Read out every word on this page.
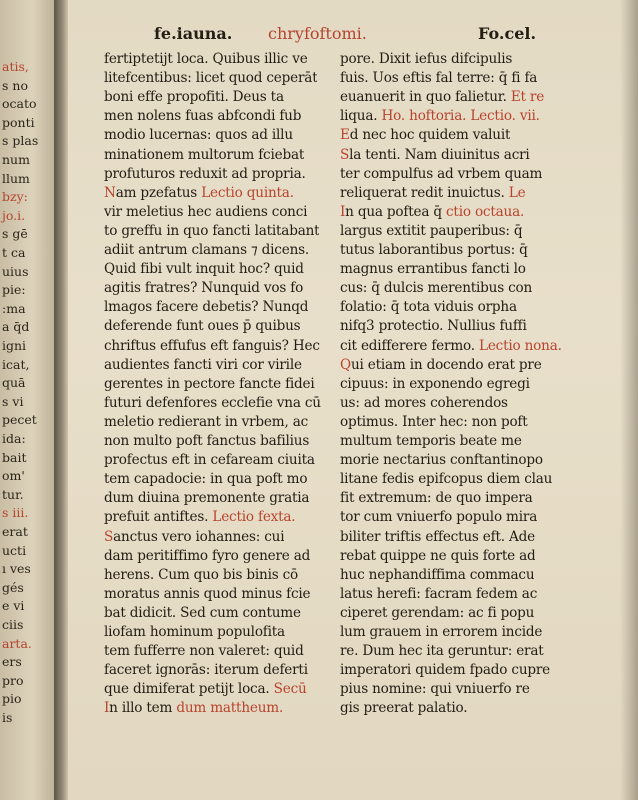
atis,
s no
ocato
ponti
s plas
num
llum
bzy:
jo.i.
s gē
t ca
uius
pie:
:ma
a q̄d
igni
icat,
quā
s vi
pecet
ida:
bait
om'
tur.
s iii.
erat
ucti
ı ves
gés
e vi
ciis
arta.
ers
pro
pio
is
fe.iauna. chryfoftomi.	Fo.cel.
fertiptetijt loca. Quibus illic ve
litefcentibus: licet quod ceperāt
boni effe propofiti. Deus ta
men nolens fuas abfcondi fub
modio lucernas: quos ad illu
minationem multorum fciebat
profuturos reduxit ad propria.
Nam pzefatus Lectio quinta.
vir meletius hec audiens conci
to greffu in quo fancti latitabant
adiit antrum clamans ⁊ dicens.
Quid fibi vult inquit hoc? quid
agitis fratres? Nunquid vos fo
lmagos facere debetis? Nunqd
deferende funt oues p̄ quibus
chriftus effufus eft fanguis? Hec
audientes fancti viri cor virile
gerentes in pectore fancte fidei
futuri defenfores ecclefie vna cū
meletio redierant in vrbem, ac
non multo poft fanctus bafilius
profectus eft in cefaream ciuita
tem capadocie: in qua poft mo
dum diuina premonente gratia
prefuit antiftes. Lectio fexta.
Sanctus vero iohannes: cui
dam peritiffimo fyro genere ad
herens. Cum quo bis binis cō
moratus annis quod minus fcie
bat didicit. Sed cum contume
liofam hominum populofita
tem fufferre non valeret: quid
faceret ignorās: iterum deferti
que dimiferat petijt loca. Secū
In illo tem dum mattheum.
pore. Dixit iefus difcipulis
fuis. Uos eftis fal terre: q̄ fi fa
euanuerit in quo falietur. Et re
liqua. Ho. hoftoria. Lectio. vii.
Ed nec hoc quidem valuit
Sla tenti. Nam diuinitus acri
ter compulfus ad vrbem quam
reliquerat redit inuictus. Le
In qua poftea q̄ ctio octaua.
largus extitit pauperibus: q̄
tutus laborantibus portus: q̄
magnus errantibus fancti lo
cus: q̄ dulcis merentibus con
folatio: q̄ tota viduis orpha
nifq3 protectio. Nullius fuffi
cit edifferere fermo. Lectio nona.
Qui etiam in docendo erat pre
cipuus: in exponendo egregi
us: ad mores coherendos
optimus. Inter hec: non poft
multum temporis beate me
morie nectarius conftantinopo
litane fedis epifcopus diem clau
fit extremum: de quo impera
tor cum vniuerfo populo mira
biliter triftis effectus eft. Ade
rebat quippe ne quis forte ad
huc nephandiffima commacu
latus herefi: facram fedem ac
ciperet gerendam: ac fi popu
lum grauem in errorem incide
re. Dum hec ita geruntur: erat
imperatori quidem fpado cupre
pius nomine: qui vniuerfo re
gis preerat palatio.
